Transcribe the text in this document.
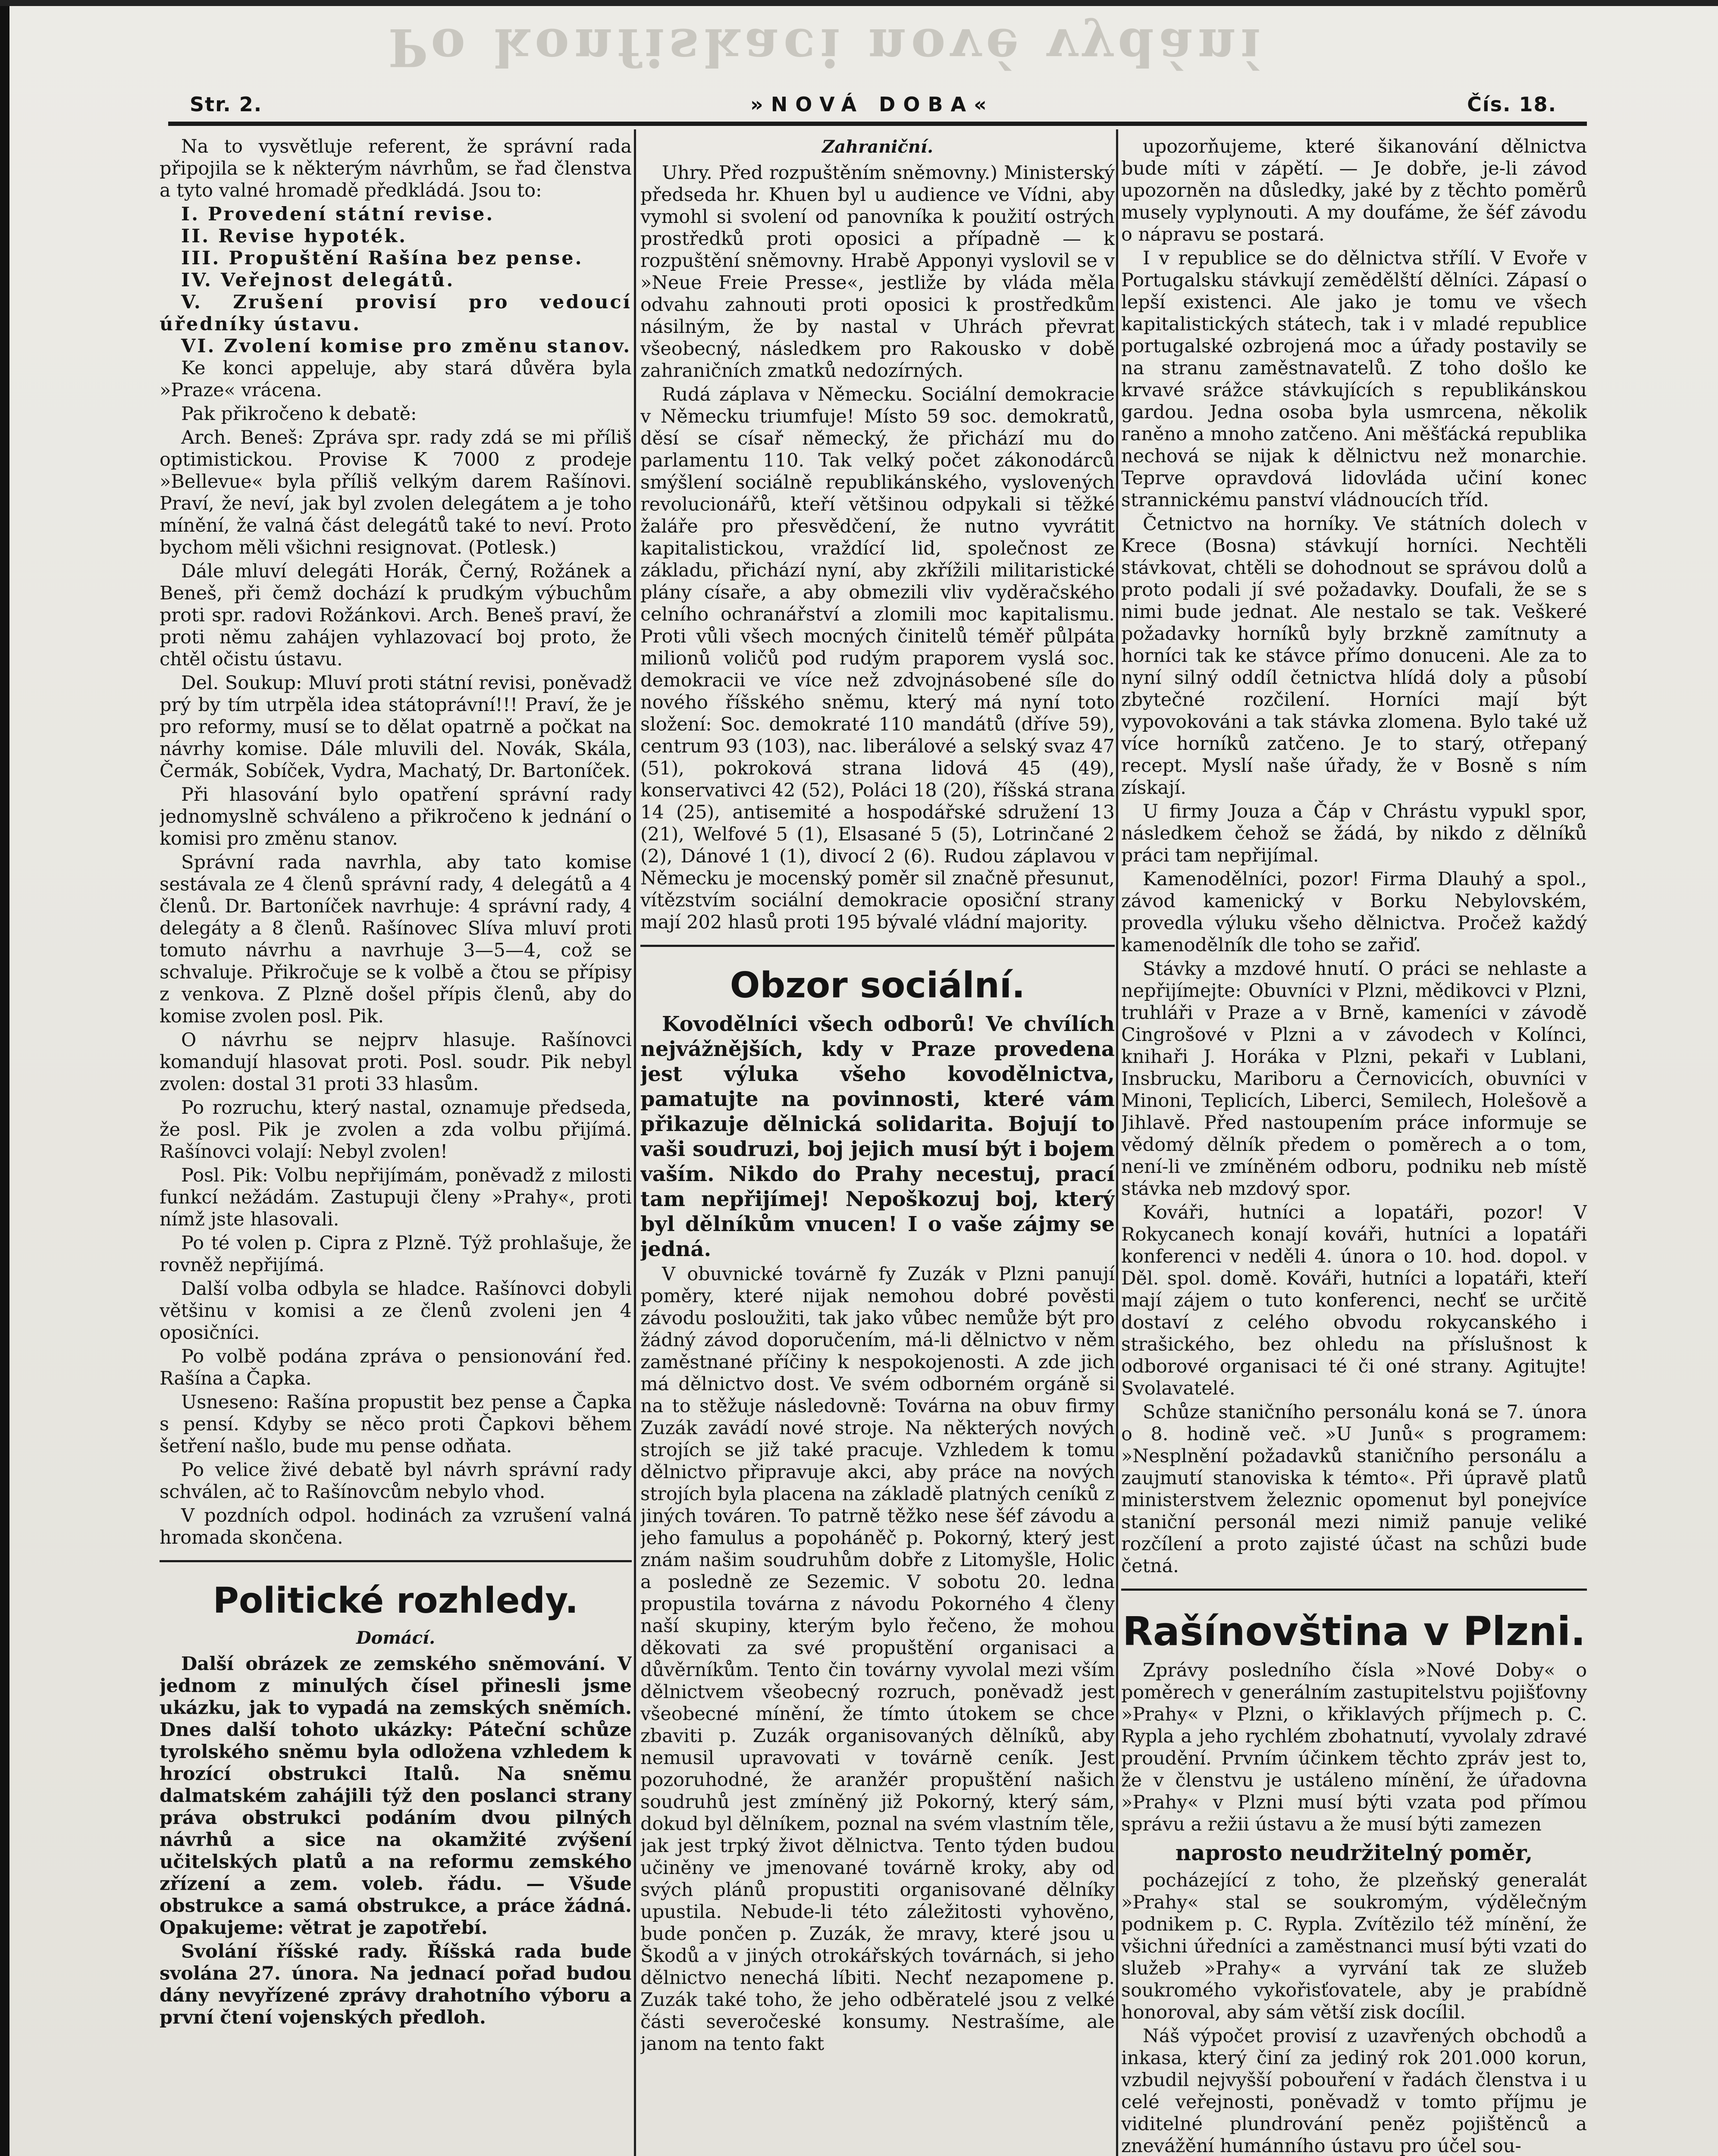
Po konfiskaci nové vydání
Str. 2.	»NOVÁ DOBA«	Čís. 18.

Na to vysvětluje referent, že správní rada připojila se k některým návrhům, se řad členstva a tyto valné hromadě předkládá. Jsou to:

I. Provedení státní revise.
II. Revise hypoték.
III. Propuštění Rašína bez pense.
IV. Veřejnost delegátů.
V. Zrušení provisí pro vedoucí úředníky ústavu.
VI. Zvolení komise pro změnu stanov.

Ke konci appeluje, aby stará důvěra byla »Praze« vrácena.

Pak přikročeno k debatě:

Arch. Beneš: Zpráva spr. rady zdá se mi příliš optimistickou. Provise K 7000 z prodeje »Bellevue« byla příliš velkým darem Rašínovi. Praví, že neví, jak byl zvolen delegátem a je toho mínění, že valná část delegátů také to neví. Proto bychom měli všichni resignovat. (Potlesk.)

Dále mluví delegáti Horák, Černý, Rožánek a Beneš, při čemž dochází k prudkým výbuchům proti spr. radovi Rožánkovi. Arch. Beneš praví, že proti němu zahájen vyhlazovací boj proto, že chtěl očistu ústavu.

Del. Soukup: Mluví proti státní revisi, poněvadž prý by tím utrpěla idea státoprávní!!! Praví, že je pro reformy, musí se to dělat opatrně a počkat na návrhy komise. Dále mluvili del. Novák, Skála, Čermák, Sobíček, Vydra, Machatý, Dr. Bartoníček.

Při hlasování bylo opatření správní rady jednomyslně schváleno a přikročeno k jednání o komisi pro změnu stanov.

Správní rada navrhla, aby tato komise sestávala ze 4 členů správní rady, 4 delegátů a 4 členů. Dr. Bartoníček navrhuje: 4 správní rady, 4 delegáty a 8 členů. Rašínovec Slíva mluví proti tomuto návrhu a navrhuje 3—5—4, což se schvaluje. Přikročuje se k volbě a čtou se přípisy z venkova. Z Plzně došel přípis členů, aby do komise zvolen posl. Pik.

O návrhu se nejprv hlasuje. Rašínovci komandují hlasovat proti. Posl. soudr. Pik nebyl zvolen: dostal 31 proti 33 hlasům.

Po rozruchu, který nastal, oznamuje předseda, že posl. Pik je zvolen a zda volbu přijímá. Rašínovci volají: Nebyl zvolen!

Posl. Pik: Volbu nepřijímám, poněvadž z milosti funkcí nežádám. Zastupuji členy »Prahy«, proti nímž jste hlasovali.

Po té volen p. Cipra z Plzně. Týž prohlašuje, že rovněž nepřijímá.

Další volba odbyla se hladce. Rašínovci dobyli většinu v komisi a ze členů zvoleni jen 4 oposičníci.

Po volbě podána zpráva o pensionování řed. Rašína a Čapka.

Usneseno: Rašína propustit bez pense a Čapka s pensí. Kdyby se něco proti Čapkovi během šetření našlo, bude mu pense odňata.

Po velice živé debatě byl návrh správní rady schválen, ač to Rašínovcům nebylo vhod.

V pozdních odpol. hodinách za vzrušení valná hromada skončena.

Politické rozhledy.
Domácí.

Další obrázek ze zemského sněmování. V jednom z minulých čísel přinesli jsme ukázku, jak to vypadá na zemských sněmích. Dnes další tohoto ukázky: Páteční schůze tyrolského sněmu byla odložena vzhledem k hrozící obstrukci Italů. Na sněmu dalmatském zahájili týž den poslanci strany práva obstrukci podáním dvou pilných návrhů a sice na okamžité zvýšení učitelských platů a na reformu zemského zřízení a zem. voleb. řádu. — Všude obstrukce a samá obstrukce, a práce žádná. Opakujeme: větrat je zapotřebí.

Svolání říšské rady. Říšská rada bude svolána 27. února. Na jednací pořad budou dány nevyřízené zprávy drahotního výboru a první čtení vojenských předloh.

Zahraniční.

Uhry. Před rozpuštěním sněmovny.) Ministerský předseda hr. Khuen byl u audience ve Vídni, aby vymohl si svolení od panovníka k použití ostrých prostředků proti oposici a případně — k rozpuštění sněmovny. Hrabě Apponyi vyslovil se v »Neue Freie Presse«, jestliže by vláda měla odvahu zahnouti proti oposici k prostředkům násilným, že by nastal v Uhrách převrat všeobecný, následkem pro Rakousko v době zahraničních zmatků nedozírných.

Rudá záplava v Německu. Sociální demokracie v Německu triumfuje! Místo 59 soc. demokratů, děsí se císař německý, že přichází mu do parlamentu 110. Tak velký počet zákonodárců smýšlení sociálně republikánského, vyslovených revolucionářů, kteří většinou odpykali si těžké žaláře pro přesvědčení, že nutno vyvrátit kapitalistickou, vraždící lid, společnost ze základu, přichází nyní, aby zkřížili militaristické plány císaře, a aby obmezili vliv vyděračského celního ochranářství a zlomili moc kapitalismu. Proti vůli všech mocných činitelů téměř půlpáta milionů voličů pod rudým praporem vyslá soc. demokracii ve více než zdvojnásobené síle do nového říšského sněmu, který má nyní toto složení: Soc. demokraté 110 mandátů (dříve 59), centrum 93 (103), nac. liberálové a selský svaz 47 (51), pokroková strana lidová 45 (49), konservativci 42 (52), Poláci 18 (20), říšská strana 14 (25), antisemité a hospodářské sdružení 13 (21), Welfové 5 (1), Elsasané 5 (5), Lotrinčané 2 (2), Dánové 1 (1), divocí 2 (6). Rudou záplavou v Německu je mocenský poměr sil značně přesunut, vítězstvím sociální demokracie oposiční strany mají 202 hlasů proti 195 bývalé vládní majority.

Obzor sociální.

Kovodělníci všech odborů! Ve chvílích nejvážnějších, kdy v Praze provedena jest výluka všeho kovodělnictva, pamatujte na povinnosti, které vám přikazuje dělnická solidarita. Bojují to vaši soudruzi, boj jejich musí být i bojem vaším. Nikdo do Prahy necestuj, prací tam nepřijímej! Nepoškozuj boj, který byl dělníkům vnucen! I o vaše zájmy se jedná.

V obuvnické továrně fy Zuzák v Plzni panují poměry, které nijak nemohou dobré pověsti závodu posloužiti, tak jako vůbec nemůže být pro žádný závod doporučením, má-li dělnictvo v něm zaměstnané příčiny k nespokojenosti. A zde jich má dělnictvo dost. Ve svém odborném orgáně si na to stěžuje následovně: Továrna na obuv firmy Zuzák zavádí nové stroje. Na některých nových strojích se již také pracuje. Vzhledem k tomu dělnictvo připravuje akci, aby práce na nových strojích byla placena na základě platných ceníků z jiných továren. To patrně těžko nese šéf závodu a jeho famulus a popoháněč p. Pokorný, který jest znám našim soudruhům dobře z Litomyšle, Holic a posledně ze Sezemic. V sobotu 20. ledna propustila továrna z návodu Pokorného 4 členy naší skupiny, kterým bylo řečeno, že mohou děkovati za své propuštění organisaci a důvěrníkům. Tento čin továrny vyvolal mezi vším dělnictvem všeobecný rozruch, poněvadž jest všeobecné mínění, že tímto útokem se chce zbaviti p. Zuzák organisovaných dělníků, aby nemusil upravovati v továrně ceník. Jest pozoruhodné, že aranžér propuštění našich soudruhů jest zmíněný již Pokorný, který sám, dokud byl dělníkem, poznal na svém vlastním těle, jak jest trpký život dělnictva. Tento týden budou učiněny ve jmenované továrně kroky, aby od svých plánů propustiti organisované dělníky upustila. Nebude-li této záležitosti vyhověno, bude pončen p. Zuzák, že mravy, které jsou u Škodů a v jiných otrokářských továrnách, si jeho dělnictvo nenechá líbiti. Nechť nezapomene p. Zuzák také toho, že jeho odběratelé jsou z velké části severočeské konsumy. Nestrašíme, ale janom na tento fakt

upozorňujeme, které šikanování dělnictva bude míti v zápětí. — Je dobře, je-li závod upozorněn na důsledky, jaké by z těchto poměrů musely vyplynouti. A my doufáme, že šéf závodu o nápravu se postará.

I v republice se do dělnictva střílí. V Evoře v Portugalsku stávkují zemědělští dělníci. Zápasí o lepší existenci. Ale jako je tomu ve všech kapitalistických státech, tak i v mladé republice portugalské ozbrojená moc a úřady postavily se na stranu zaměstnavatelů. Z toho došlo ke krvavé srážce stávkujících s republikánskou gardou. Jedna osoba byla usmrcena, několik raněno a mnoho zatčeno. Ani měšťácká republika nechová se nijak k dělnictvu než monarchie. Teprve opravdová lidovláda učiní konec strannickému panství vládnoucích tříd.

Četnictvo na horníky. Ve státních dolech v Krece (Bosna) stávkují horníci. Nechtěli stávkovat, chtěli se dohodnout se správou dolů a proto podali jí své požadavky. Doufali, že se s nimi bude jednat. Ale nestalo se tak. Veškeré požadavky horníků byly brzkně zamítnuty a horníci tak ke stávce přímo donuceni. Ale za to nyní silný oddíl četnictva hlídá doly a působí zbytečné rozčilení. Horníci mají být vypovokováni a tak stávka zlomena. Bylo také už více horníků zatčeno. Je to starý, otřepaný recept. Myslí naše úřady, že v Bosně s ním získají.

U firmy Jouza a Čáp v Chrástu vypukl spor, následkem čehož se žádá, by nikdo z dělníků práci tam nepřijímal.

Kamenodělníci, pozor! Firma Dlauhý a spol., závod kamenický v Borku Nebylovském, provedla výluku všeho dělnictva. Pročež každý kamenodělník dle toho se zařiď.

Stávky a mzdové hnutí. O práci se nehlaste a nepřijímejte: Obuvníci v Plzni, mědikovci v Plzni, truhláři v Praze a v Brně, kameníci v závodě Cingrošové v Plzni a v závodech v Kolínci, knihaři J. Horáka v Plzni, pekaři v Lublani, Insbrucku, Mariboru a Černovicích, obuvníci v Minoni, Teplicích, Liberci, Semilech, Holešově a Jihlavě. Před nastoupením práce informuje se vědomý dělník předem o poměrech a o tom, není-li ve zmíněném odboru, podniku neb místě stávka neb mzdový spor.

Kováři, hutníci a lopatáři, pozor! V Rokycanech konají kováři, hutníci a lopatáři konferenci v neděli 4. února o 10. hod. dopol. v Děl. spol. domě. Kováři, hutníci a lopatáři, kteří mají zájem o tuto konferenci, nechť se určitě dostaví z celého obvodu rokycanského i strašického, bez ohledu na příslušnost k odborové organisaci té či oné strany. Agitujte! Svolavatelé.

Schůze staničního personálu koná se 7. února o 8. hodině več. »U Junů« s programem: »Nesplnění požadavků staničního personálu a zaujmutí stanoviska k témto«. Při úpravě platů ministerstvem železnic opomenut byl ponejvíce staniční personál mezi nimiž panuje veliké rozčílení a proto zajisté účast na schůzi bude četná.

Rašínovština v Plzni.

Zprávy posledního čísla »Nové Doby« o poměrech v generálním zastupitelstvu pojišťovny »Prahy« v Plzni, o křiklavých příjmech p. C. Rypla a jeho rychlém zbohatnutí, vyvolaly zdravé proudění. Prvním účinkem těchto zpráv jest to, že v členstvu je ustáleno mínění, že úřadovna »Prahy« v Plzni musí býti vzata pod přímou správu a režii ústavu a že musí býti zamezen

naprosto neudržitelný poměr,

pocházející z toho, že plzeňský generalát »Prahy« stal se soukromým, výdělečným podnikem p. C. Rypla. Zvítězilo též mínění, že všichni úředníci a zaměstnanci musí býti vzati do služeb »Prahy« a vyrvání tak ze služeb soukromého vykořisťovatele, aby je prabídně honoroval, aby sám větší zisk docílil.

Náš výpočet provisí z uzavřených obchodů a inkasa, který činí za jediný rok 201.000 korun, vzbudil nejvyšší pobouření v řadách členstva i u celé veřejnosti, poněvadž v tomto příjmu je viditelné plundrování peněz pojištěnců a znevážění humánního ústavu pro účel sou-
